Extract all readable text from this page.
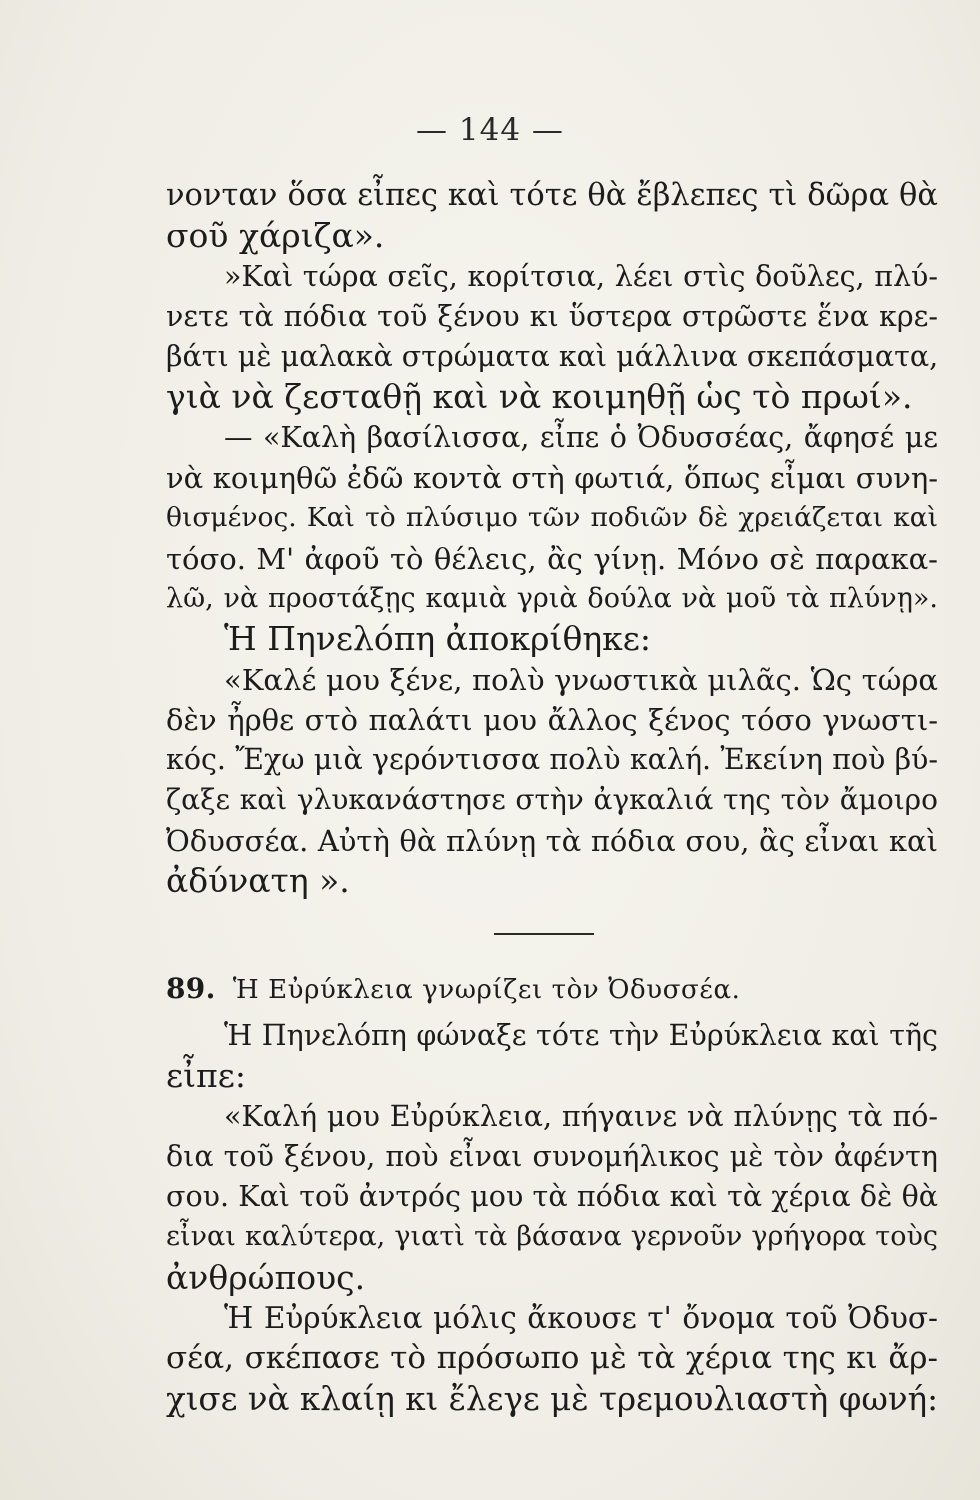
— 144 —
νονταν ὅσα εἶπες καὶ τότε θὰ ἔβλεπες τὶ δῶρα θὰ
σοῦ χάριζα».
»Καὶ τώρα σεῖς, κορίτσια, λέει στὶς δοῦλες, πλύ-
νετε τὰ πόδια τοῦ ξένου κι ὕστερα στρῶστε ἕνα κρε-
βάτι μὲ μαλακὰ στρώματα καὶ μάλλινα σκεπάσματα,
γιὰ νὰ ζεσταθῇ καὶ νὰ κοιμηθῇ ὡς τὸ πρωί».
— «Καλὴ βασίλισσα, εἶπε ὁ Ὀδυσσέας, ἄφησέ με
νὰ κοιμηθῶ ἐδῶ κοντὰ στὴ φωτιά, ὅπως εἶμαι συνη-
θισμένος. Καὶ τὸ πλύσιμο τῶν ποδιῶν δὲ χρειάζεται καὶ
τόσο. Μ' ἀφοῦ τὸ θέλεις, ἂς γίνῃ. Μόνο σὲ παρακα-
λῶ, νὰ προστάξῃς καμιὰ γριὰ δούλα νὰ μοῦ τὰ πλύνῃ».
Ἡ Πηνελόπη ἀποκρίθηκε:
«Καλέ μου ξένε, πολὺ γνωστικὰ μιλᾶς. Ὡς τώρα
δὲν ἦρθε στὸ παλάτι μου ἄλλος ξένος τόσο γνωστι-
κός. Ἔχω μιὰ γερόντισσα πολὺ καλή. Ἐκείνη ποὺ βύ-
ζαξε καὶ γλυκανάστησε στὴν ἀγκαλιά της τὸν ἄμοιρο
Ὀδυσσέα. Αὐτὴ θὰ πλύνῃ τὰ πόδια σου, ἂς εἶναι καὶ
ἀδύνατη ».
89. Ἡ Εὐρύκλεια γνωρίζει τὸν Ὀδυσσέα.
Ἡ Πηνελόπη φώναξε τότε τὴν Εὐρύκλεια καὶ τῆς
εἶπε:
«Καλή μου Εὐρύκλεια, πήγαινε νὰ πλύνῃς τὰ πό-
δια τοῦ ξένου, ποὺ εἶναι συνομήλικος μὲ τὸν ἀφέντη
σου. Καὶ τοῦ ἀντρός μου τὰ πόδια καὶ τὰ χέρια δὲ θὰ
εἶναι καλύτερα, γιατὶ τὰ βάσανα γερνοῦν γρήγορα τοὺς
ἀνθρώπους.
Ἡ Εὐρύκλεια μόλις ἄκουσε τ' ὄνομα τοῦ Ὀδυσ-
σέα, σκέπασε τὸ πρόσωπο μὲ τὰ χέρια της κι ἄρ-
χισε νὰ κλαίῃ κι ἔλεγε μὲ τρεμουλιαστὴ φωνή:
